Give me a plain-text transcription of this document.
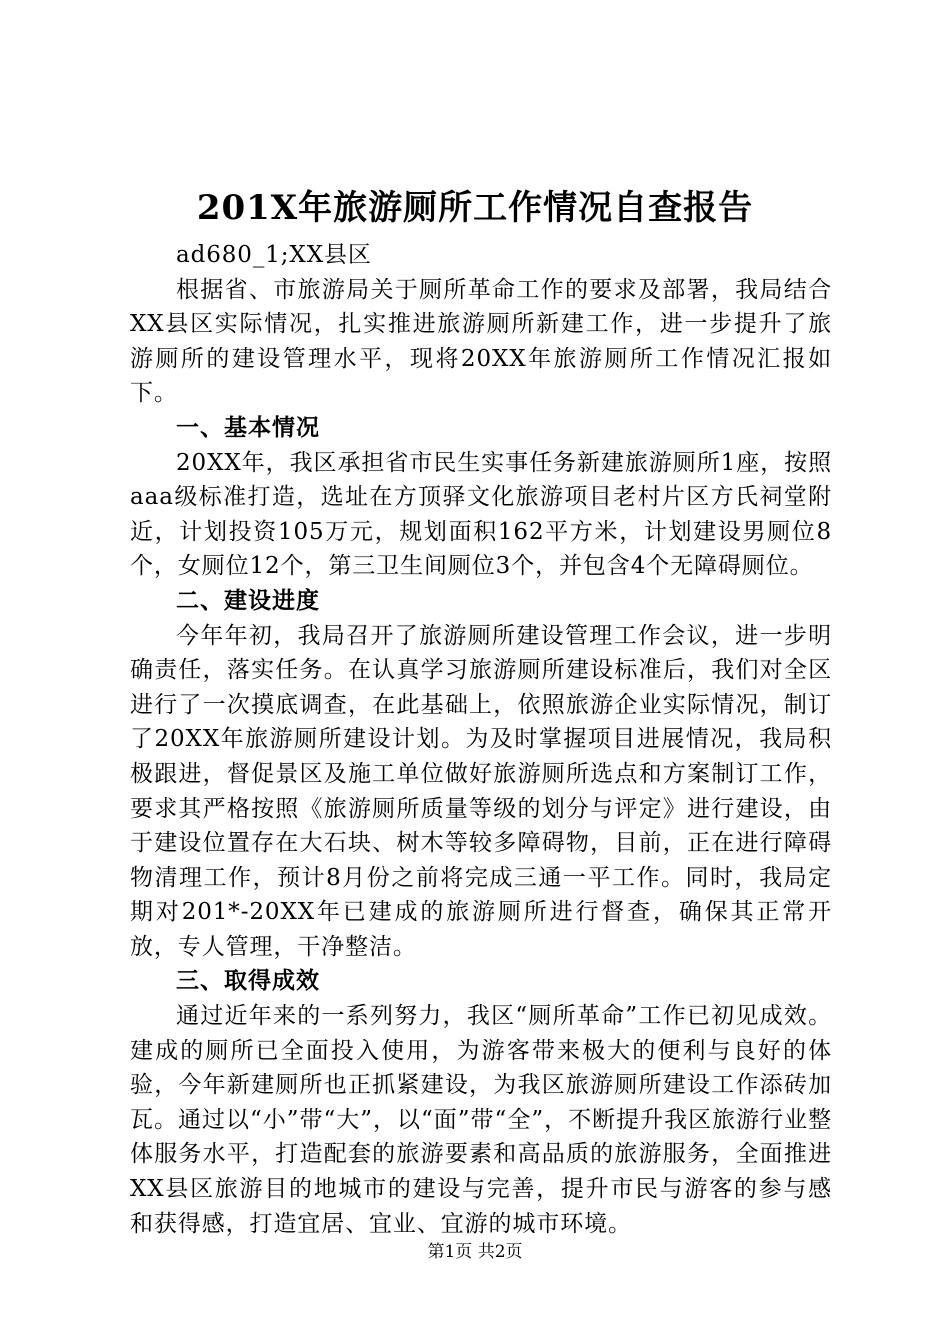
201X年旅游厕所工作情况自查报告

ad680_1;XX县区

根据省、市旅游局关于厕所革命工作的要求及部署，我局结合XX县区实际情况，扎实推进旅游厕所新建工作，进一步提升了旅游厕所的建设管理水平，现将20XX年旅游厕所工作情况汇报如下。

一、基本情况

20XX年，我区承担省市民生实事任务新建旅游厕所1座，按照aaa级标准打造，选址在方顶驿文化旅游项目老村片区方氏祠堂附近，计划投资105万元，规划面积162平方米，计划建设男厕位8个，女厕位12个，第三卫生间厕位3个，并包含4个无障碍厕位。

二、建设进度

今年年初，我局召开了旅游厕所建设管理工作会议，进一步明确责任，落实任务。在认真学习旅游厕所建设标准后，我们对全区进行了一次摸底调查，在此基础上，依照旅游企业实际情况，制订了20XX年旅游厕所建设计划。为及时掌握项目进展情况，我局积极跟进，督促景区及施工单位做好旅游厕所选点和方案制订工作，要求其严格按照《旅游厕所质量等级的划分与评定》进行建设，由于建设位置存在大石块、树木等较多障碍物，目前，正在进行障碍物清理工作，预计8月份之前将完成三通一平工作。同时，我局定期对201*-20XX年已建成的旅游厕所进行督查，确保其正常开放，专人管理，干净整洁。

三、取得成效

通过近年来的一系列努力，我区“厕所革命”工作已初见成效。建成的厕所已全面投入使用，为游客带来极大的便利与良好的体验，今年新建厕所也正抓紧建设，为我区旅游厕所建设工作添砖加瓦。通过以“小”带“大”，以“面”带“全”，不断提升我区旅游行业整体服务水平，打造配套的旅游要素和高品质的旅游服务，全面推进XX县区旅游目的地城市的建设与完善，提升市民与游客的参与感和获得感，打造宜居、宜业、宜游的城市环境。

第1页 共2页
